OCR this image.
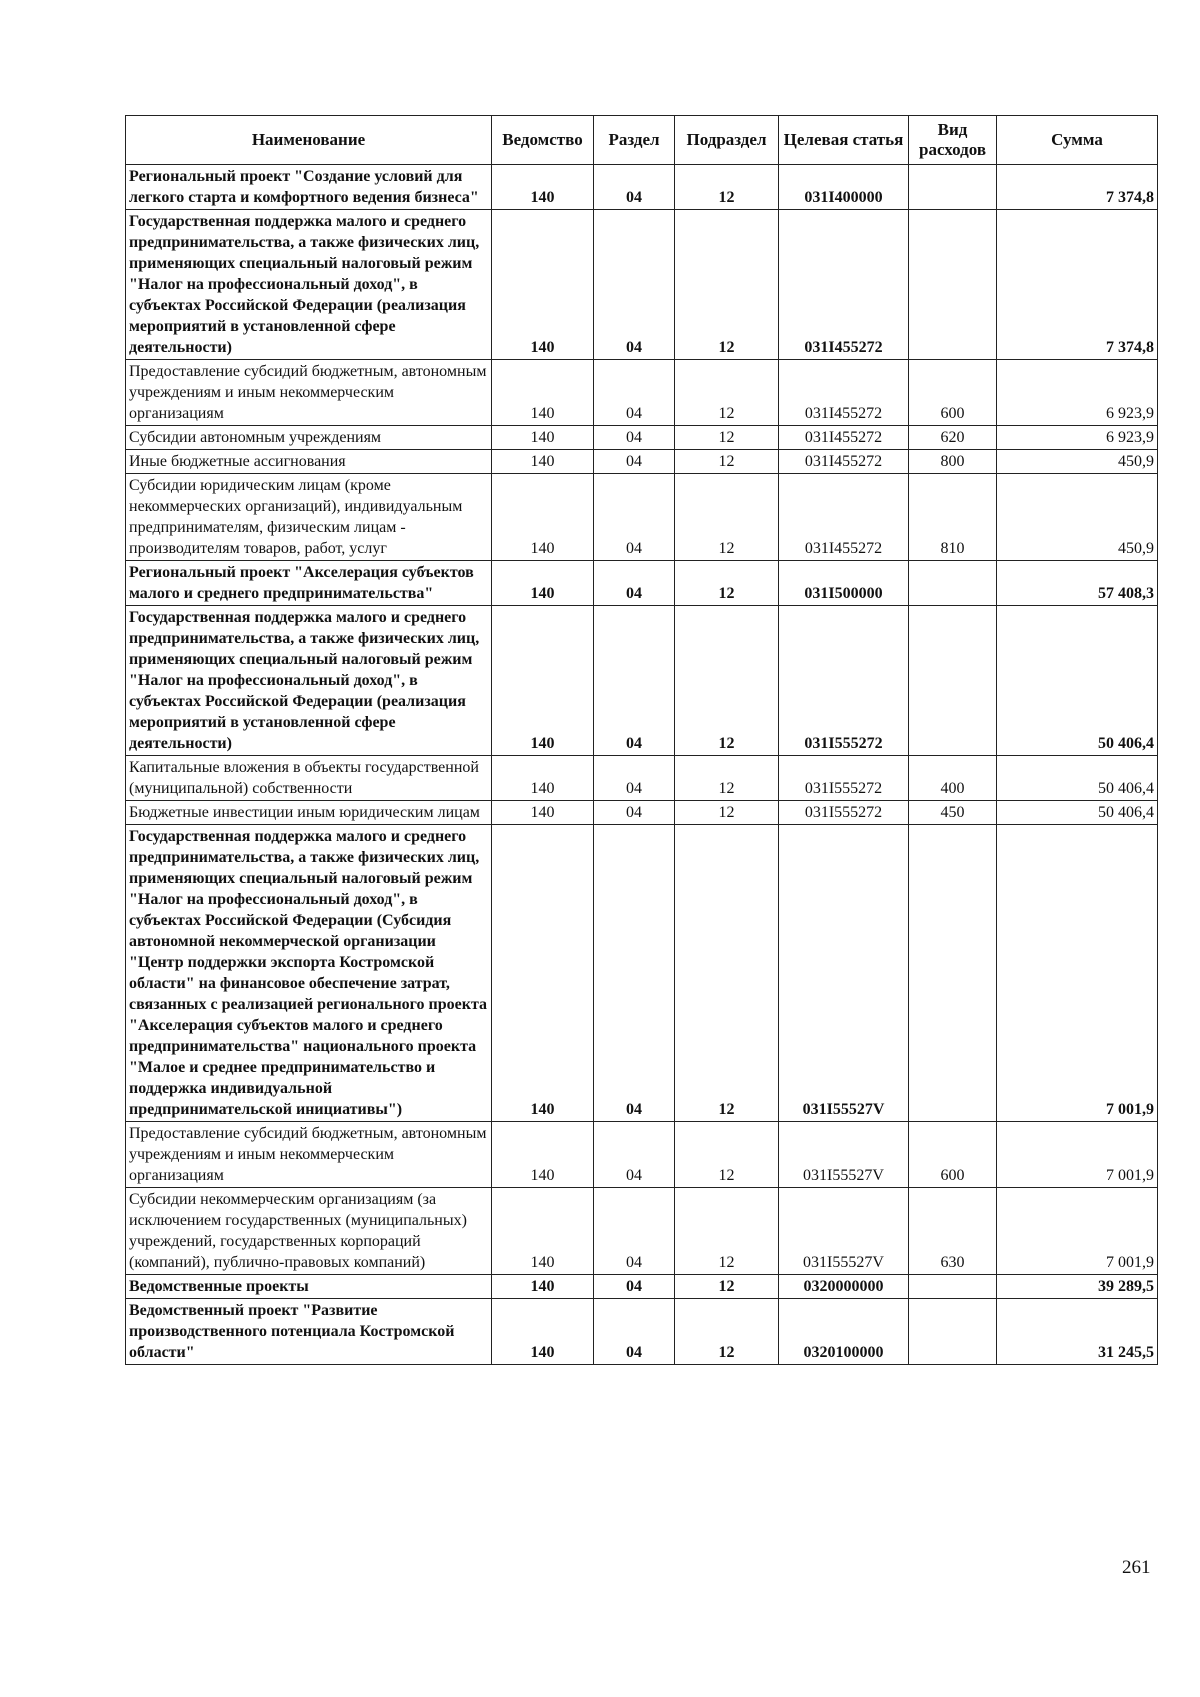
Наименование	Ведомство	Раздел	Подраздел	Целевая статья	Вид расходов	Сумма
Региональный проект "Создание условий для легкого старта и комфортного ведения бизнеса"	140	04	12	031I400000		7 374,8
Государственная поддержка малого и среднего предпринимательства, а также физических лиц, применяющих специальный налоговый режим "Налог на профессиональный доход", в субъектах Российской Федерации (реализация мероприятий в установленной сфере деятельности)	140	04	12	031I455272		7 374,8
Предоставление субсидий бюджетным, автономным учреждениям и иным некоммерческим организациям	140	04	12	031I455272	600	6 923,9
Субсидии автономным учреждениям	140	04	12	031I455272	620	6 923,9
Иные бюджетные ассигнования	140	04	12	031I455272	800	450,9
Субсидии юридическим лицам (кроме некоммерческих организаций), индивидуальным предпринимателям, физическим лицам - производителям товаров, работ, услуг	140	04	12	031I455272	810	450,9
Региональный проект "Акселерация субъектов малого и среднего предпринимательства"	140	04	12	031I500000		57 408,3
Государственная поддержка малого и среднего предпринимательства, а также физических лиц, применяющих специальный налоговый режим "Налог на профессиональный доход", в субъектах Российской Федерации (реализация мероприятий в установленной сфере деятельности)	140	04	12	031I555272		50 406,4
Капитальные вложения в объекты государственной (муниципальной) собственности	140	04	12	031I555272	400	50 406,4
Бюджетные инвестиции иным юридическим лицам	140	04	12	031I555272	450	50 406,4
Государственная поддержка малого и среднего предпринимательства, а также физических лиц, применяющих специальный налоговый режим "Налог на профессиональный доход", в субъектах Российской Федерации (Субсидия автономной некоммерческой организации "Центр поддержки экспорта Костромской области" на финансовое обеспечение затрат, связанных с реализацией регионального проекта "Акселерация субъектов малого и среднего предпринимательства" национального проекта "Малое и среднее предпринимательство и поддержка индивидуальной предпринимательской инициативы")	140	04	12	031I55527V		7 001,9
Предоставление субсидий бюджетным, автономным учреждениям и иным некоммерческим организациям	140	04	12	031I55527V	600	7 001,9
Субсидии некоммерческим организациям (за исключением государственных (муниципальных) учреждений, государственных корпораций (компаний), публично-правовых компаний)	140	04	12	031I55527V	630	7 001,9
Ведомственные проекты	140	04	12	0320000000		39 289,5
Ведомственный проект "Развитие производственного потенциала Костромской области"	140	04	12	0320100000		31 245,5
261
